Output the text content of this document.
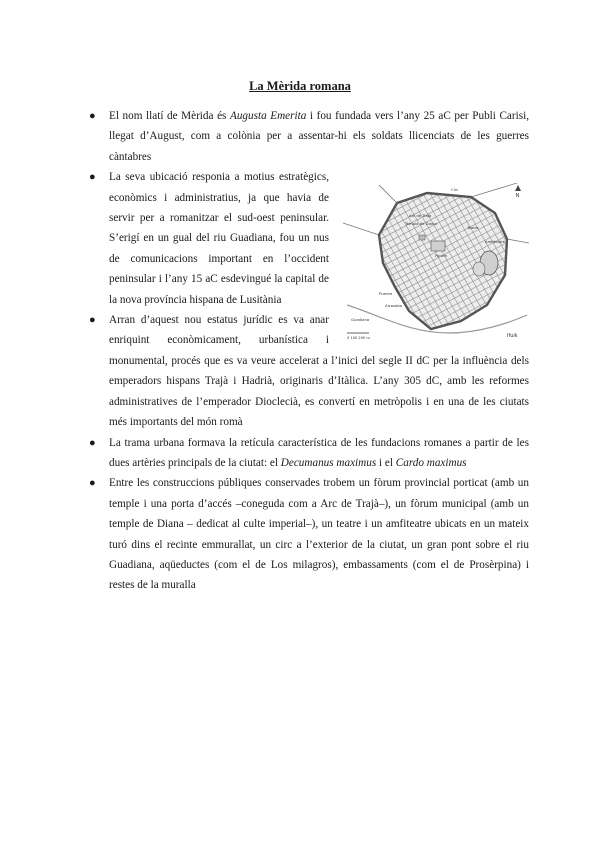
La Mèrida romana
● El nom llatí de Mèrida és Augusta Emerita i fou fundada vers l’any 25 aC per Publi Carisi, llegat d’August, com a colònia per a assentar-hi els soldats llicenciats de les guerres càntabres

●
Teatre
Amfiteatre
Templo de Diana
Forum
Arc de Trajà
Puente
Circ
Alcazaba
Guadiana
N
0 100 200 m	Ifuik

La seva ubicació responia a motius estratègics, econòmics i administratius, ja que havia de servir per a romanitzar el sud-oest peninsular. S’erigí en un gual del riu Guadiana, fou un nus de comunicacions important en l’occident peninsular i l’any 15 aC esdevingué la capital de la nova província hispana de Lusitània

● Arran d’aquest nou estatus jurídic es va anar enriquint econòmicament, urbanística i monumental, procés que es va veure accelerat a l’inici del segle II dC per la influència dels emperadors hispans Trajà i Hadrià, originaris d’Itàlica. L’any 305 dC, amb les reformes administratives de l’emperador Dioclecià, es convertí en metròpolis i en una de les ciutats més importants del món romà

● La trama urbana formava la retícula característica de les fundacions romanes a partir de les dues artèries principals de la ciutat: el Decumanus maximus i el Cardo maximus

● Entre les construccions públiques conservades trobem un fòrum provincial porticat (amb un temple i una porta d’accés –coneguda com a Arc de Trajà–), un fòrum municipal (amb un temple de Diana – dedicat al culte imperial–), un teatre i un amfiteatre ubicats en un mateix turó dins el recinte emmurallat, un circ a l’exterior de la ciutat, un gran pont sobre el riu Guadiana, aqüeductes (com el de Los milagros), embassaments (com el de Prosèrpina) i restes de la muralla
